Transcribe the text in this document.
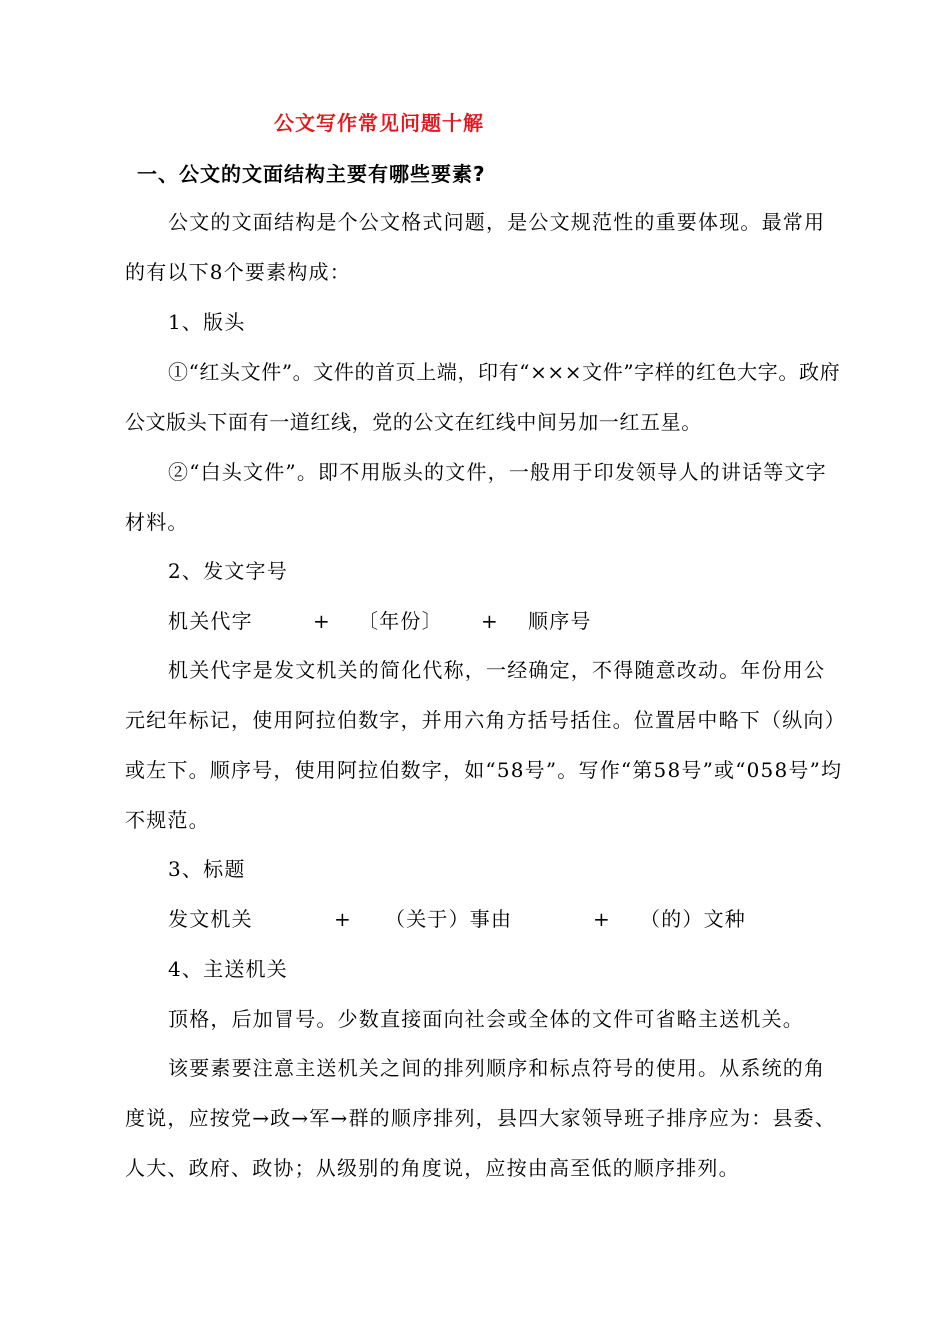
公文写作常见问题十解
一、公文的文面结构主要有哪些要素?

公文的文面结构是个公文格式问题，是公文规范性的重要体现。最常用的有以下8个要素构成：

1、版头

①“红头文件”。文件的首页上端，印有“×××文件”字样的红色大字。政府公文版头下面有一道红线，党的公文在红线中间另加一红五星。

②“白头文件”。即不用版头的文件，一般用于印发领导人的讲话等文字材料。

2、发文字号
机关代字	+ 〔年份〕 + 顺序号

机关代字是发文机关的简化代称，一经确定，不得随意改动。年份用公元纪年标记，使用阿拉伯数字，并用六角方括号括住。位置居中略下（纵向）或左下。顺序号，使用阿拉伯数字，如“58号”。写作“第58号”或“058号”均不规范。

3、标题
发文机关	+ （关于）事由	+ （的）文种
4、主送机关

顶格，后加冒号。少数直接面向社会或全体的文件可省略主送机关。

该要素要注意主送机关之间的排列顺序和标点符号的使用。从系统的角度说，应按党→政→军→群的顺序排列，县四大家领导班子排序应为：县委、人大、政府、政协；从级别的角度说，应按由高至低的顺序排列。
